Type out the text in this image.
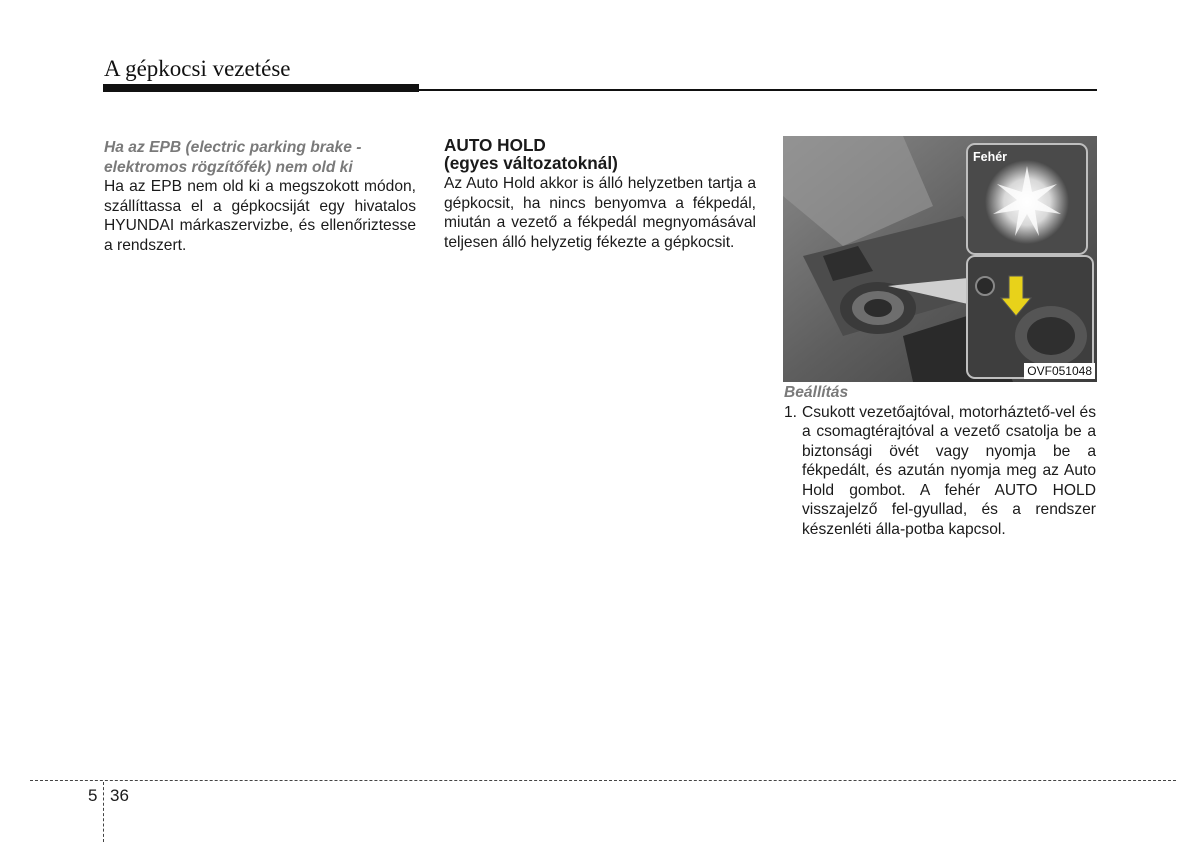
A gépkocsi vezetése
Ha az EPB (electric parking brake -
elektromos rögzítőfék) nem old ki
Ha az EPB nem old ki a megszokott módon, szállíttassa el a gépkocsiját egy hivatalos HYUNDAI márkaszervizbe, és ellenőriztesse a rendszert.
AUTO HOLD
(egyes változatoknál)
Az Auto Hold akkor is álló helyzetben tartja a gépkocsit, ha nincs benyomva a fékpedál, miután a vezető a fékpedál megnyomásával teljesen álló helyzetig fékezte a gépkocsit.
OVF051048
Fehér
Beállítás
1. Csukott vezetőajtóval, motorháztető-vel és a csomagtérajtóval a vezető csatolja be a biztonsági övét vagy nyomja be a fékpedált, és azután nyomja meg az Auto Hold gombot. A fehér AUTO HOLD visszajelző fel-gyullad, és a rendszer készenléti álla-potba kapcsol.
5 36
